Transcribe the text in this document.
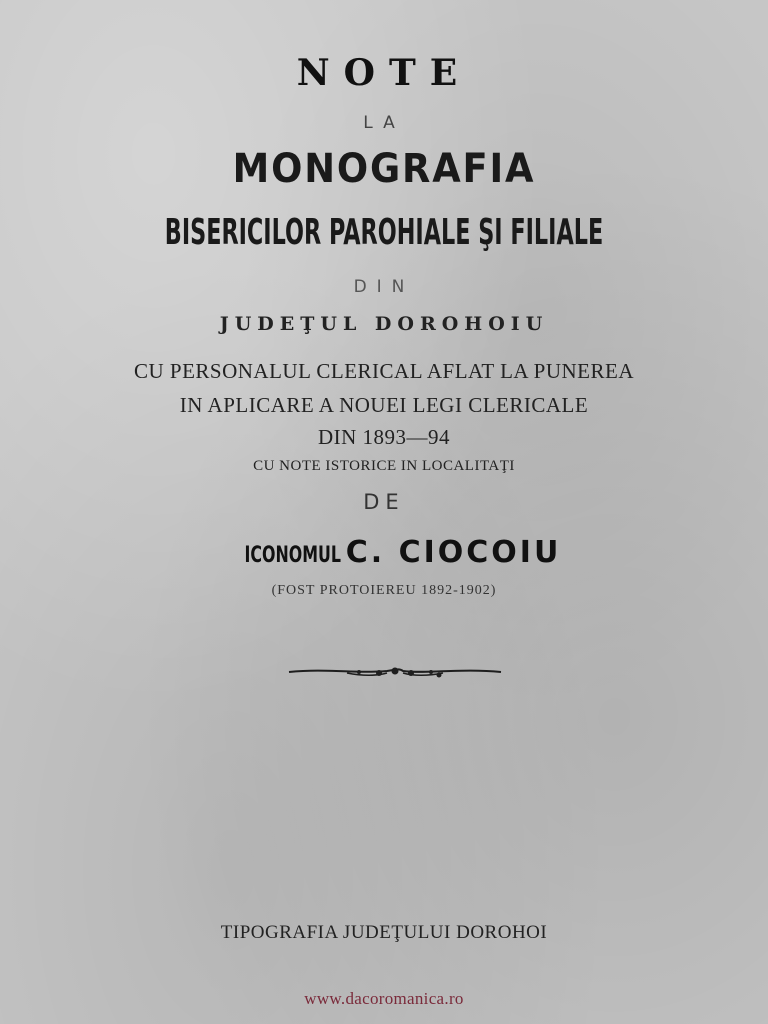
NOTE
LA
MONOGRAFIA
BISERICILOR PAROHIALE ŞI FILIALE
DIN
JUDEŢUL DOROHOIU
CU PERSONALUL CLERICAL AFLAT LA PUNEREA
IN APLICARE A NOUEI LEGI CLERICALE
DIN 1893—94
CU NOTE ISTORICE IN LOCALITAŢI
DE
ICONOMUL C. CIOCOIU
(FOST PROTOIEREU 1892-1902)
TIPOGRAFIA JUDEŢULUI DOROHOI
www.dacoromanica.ro
